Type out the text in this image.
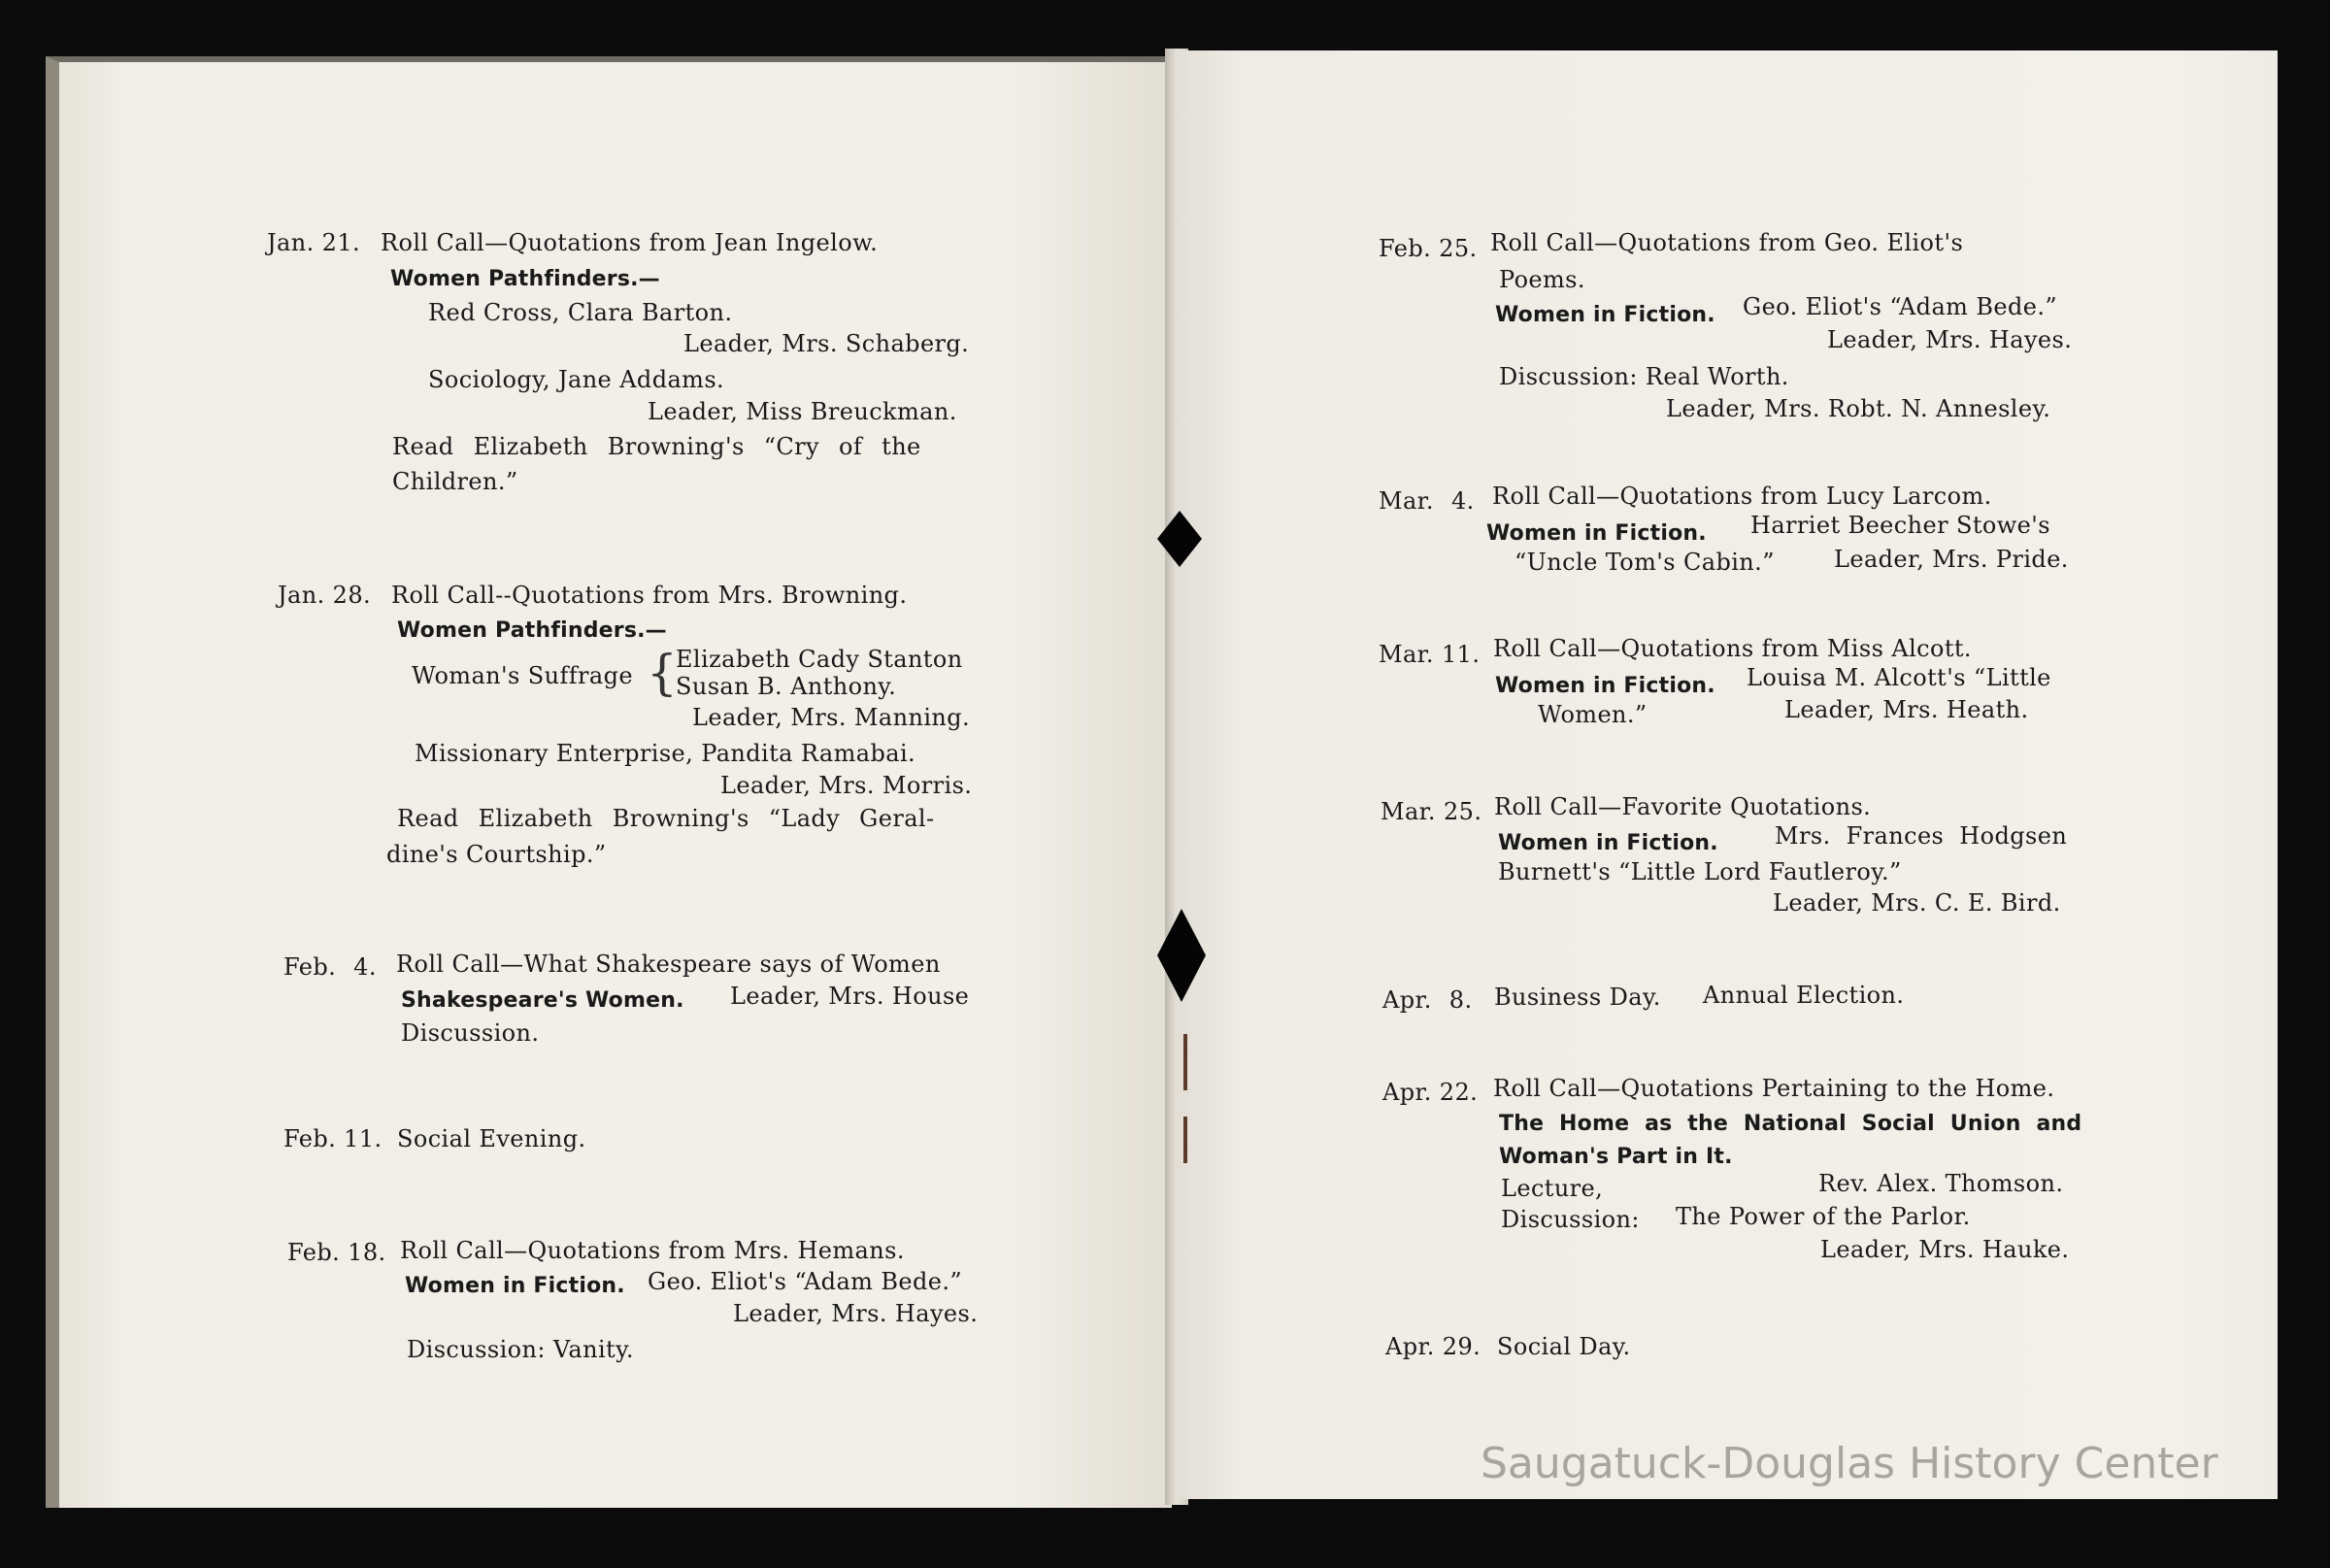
Jan. 21. Roll Call—Quotations from Jean Ingelow.
Women Pathfinders.—
Red Cross, Clara Barton.
Leader, Mrs. Schaberg.
Sociology, Jane Addams.
Leader, Miss Breuckman.
Read Elizabeth Browning's “Cry of the
Children.”
Jan. 28. Roll Call--Quotations from Mrs. Browning.
Women Pathfinders.—
Woman's Suffrage {
Elizabeth Cady Stanton
Susan B. Anthony.
Leader, Mrs. Manning.
Missionary Enterprise, Pandita Ramabai.
Leader, Mrs. Morris.
Read Elizabeth Browning's “Lady Geral-
dine's Courtship.”
Feb. 4. Roll Call—What Shakespeare says of Women
Shakespeare's Women. Leader, Mrs. House
Discussion.
Feb. 11. Social Evening.
Feb. 18. Roll Call—Quotations from Mrs. Hemans.
Women in Fiction. Geo. Eliot's “Adam Bede.”
Leader, Mrs. Hayes.
Discussion: Vanity.
Feb. 25. Roll Call—Quotations from Geo. Eliot's
Poems.
Women in Fiction. Geo. Eliot's “Adam Bede.”
Leader, Mrs. Hayes.
Discussion: Real Worth.
Leader, Mrs. Robt. N. Annesley.
Mar. 4. Roll Call—Quotations from Lucy Larcom.
Women in Fiction. Harriet Beecher Stowe's
“Uncle Tom's Cabin.”	Leader, Mrs. Pride.
Mar. 11. Roll Call—Quotations from Miss Alcott.
Women in Fiction. Louisa M. Alcott's “Little
Women.”	Leader, Mrs. Heath.
Mar. 25. Roll Call—Favorite Quotations.
Women in Fiction. Mrs. Frances Hodgsen
Burnett's “Little Lord Fautleroy.”
Leader, Mrs. C. E. Bird.
Apr. 8. Business Day. Annual Election.
Apr. 22. Roll Call—Quotations Pertaining to the Home.
The Home as the National Social Union and
Woman's Part in It.
Lecture,	Rev. Alex. Thomson.
Discussion: The Power of the Parlor.
Leader, Mrs. Hauke.
Apr. 29. Social Day.
Saugatuck-Douglas History Center
